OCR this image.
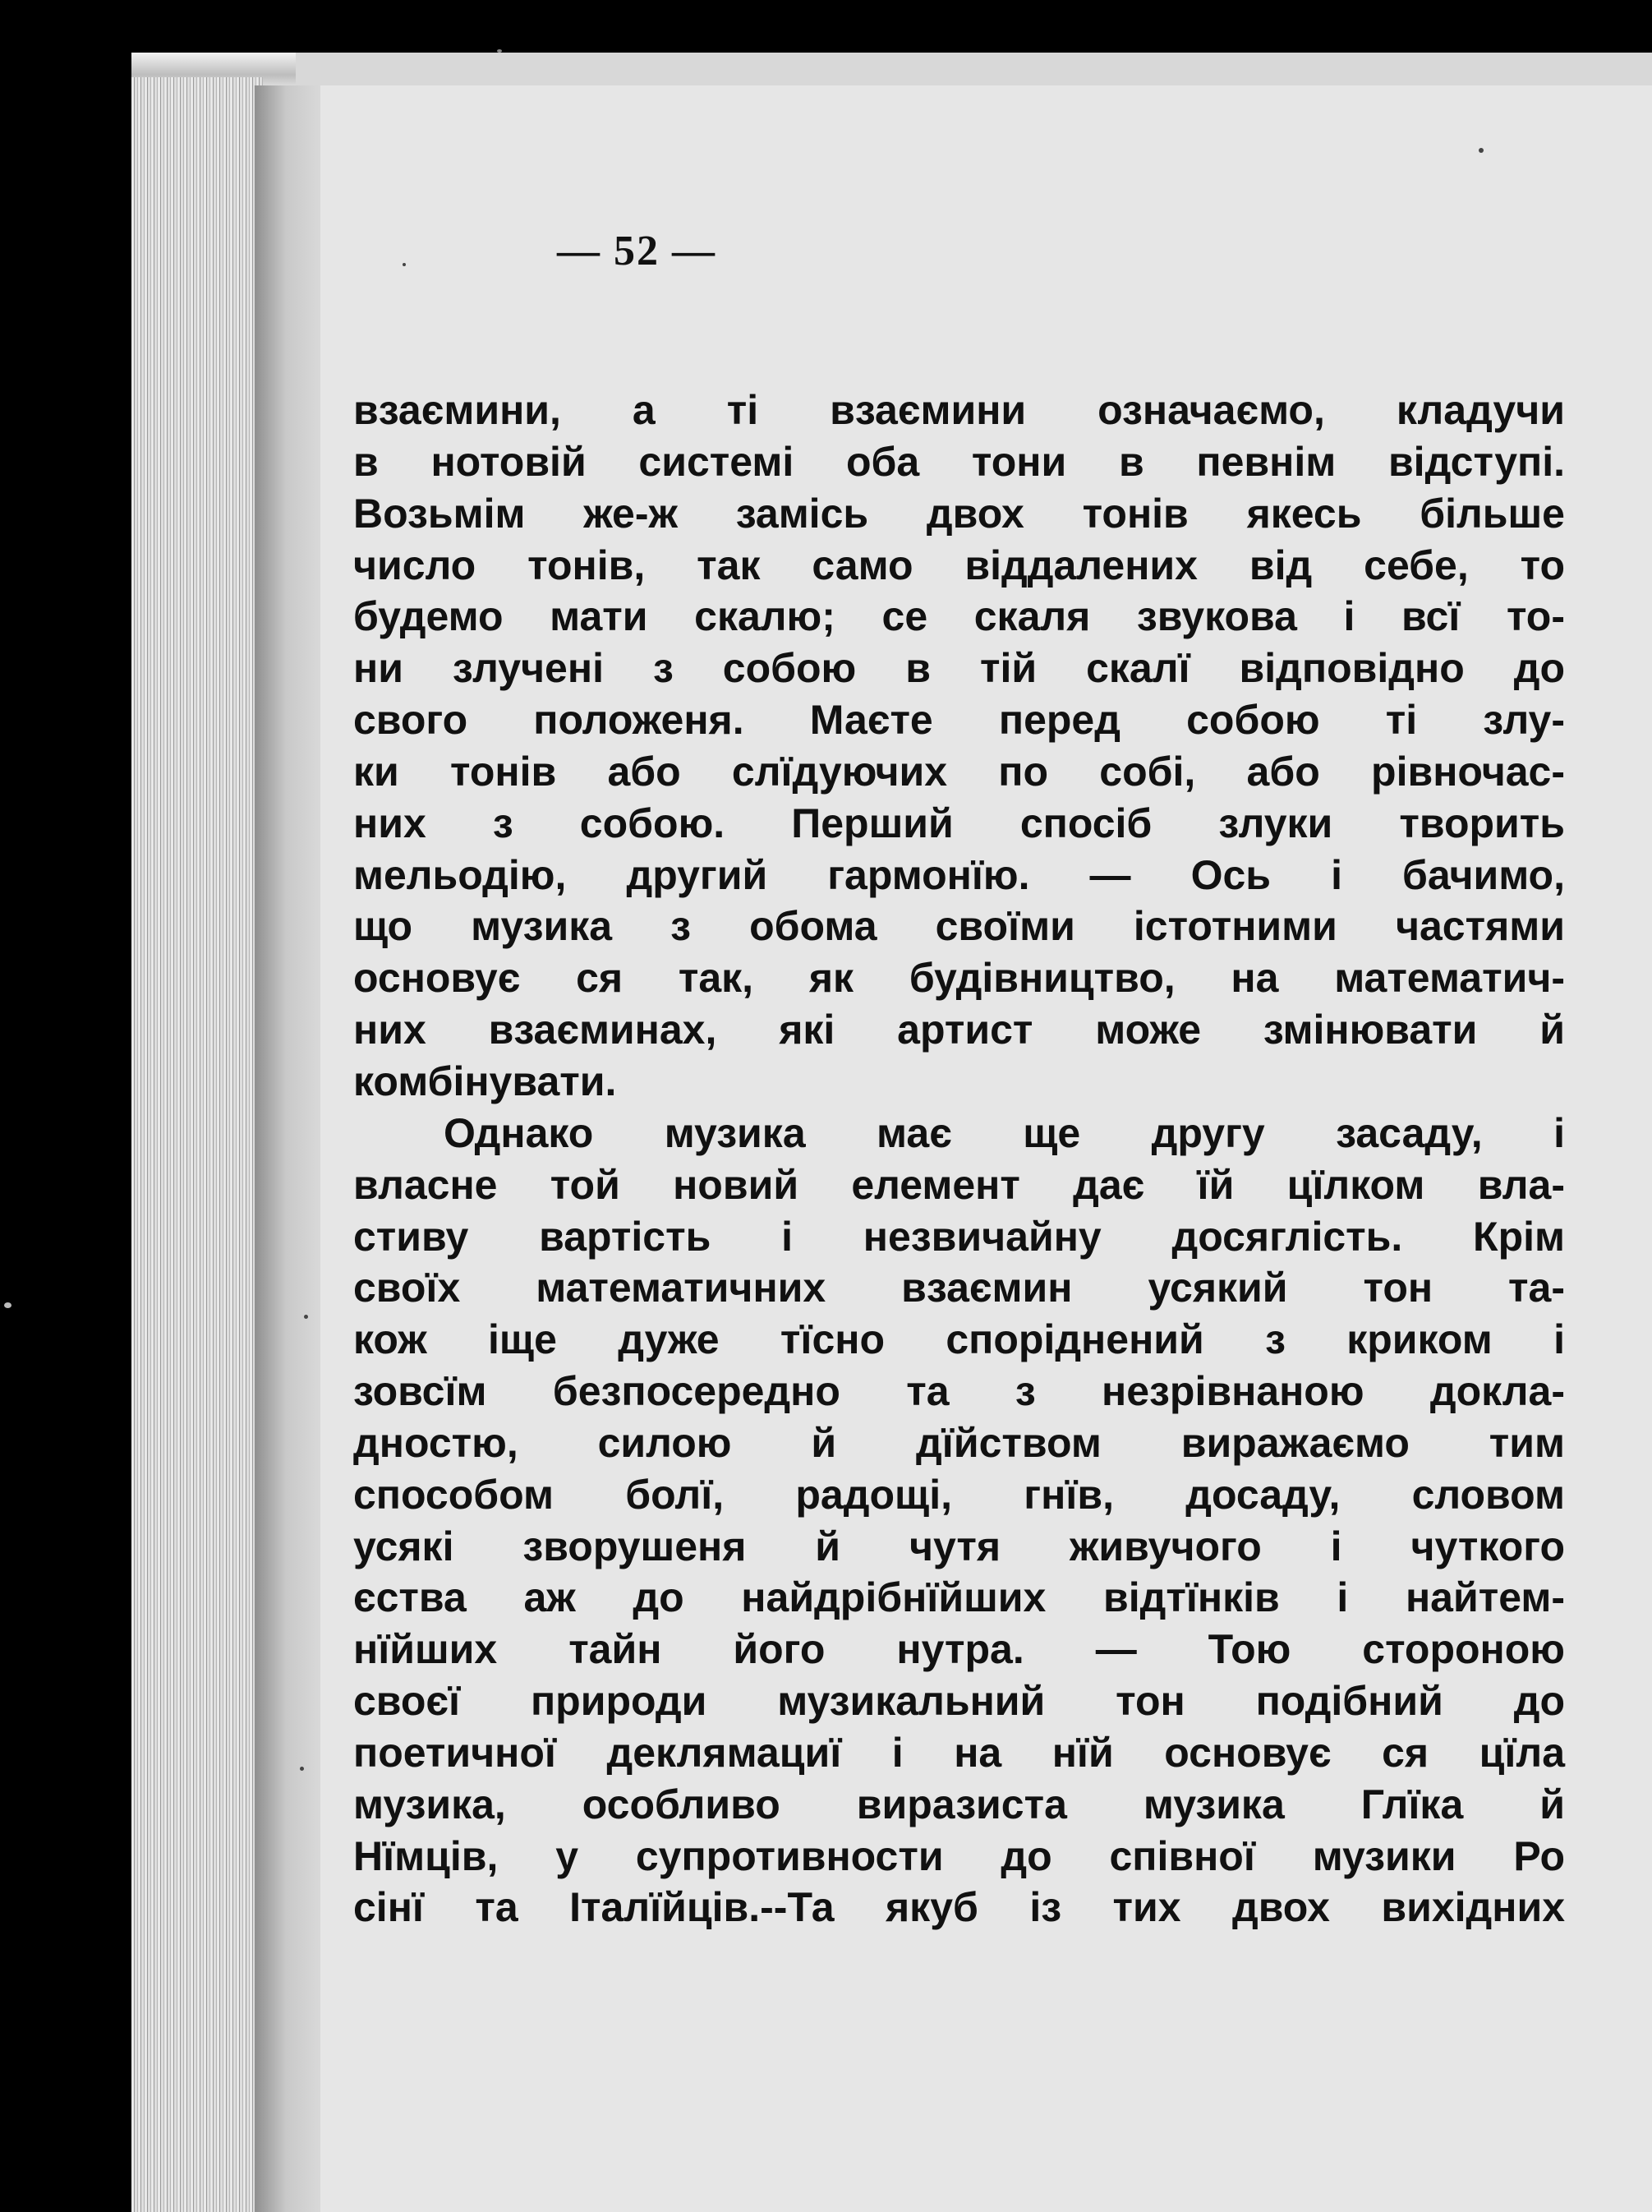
— 52 —
взаємини, а ті взаємини означаємо, кладучи
в нотовій системі оба тони в певнім відступі.
Возьмім же-ж замісь двох тонів якесь більше
число тонів, так само віддалених від себе, то
будемо мати скалю; се скаля звукова і всї то-
ни злучені з собою в тій скалї відповідно до
свого положеня. Маєте перед собою ті злу-
ки тонів або слїдуючих по собі, або рівночас-
них з собою. Перший спосіб злуки творить
мельодію, другий гармонїю. — Ось і бачимо,
що музика з обома своїми істотними частями
основує ся так, як будівництво, на математич-
них взаєминах, які артист може змінювати й
комбінувати.
Однако музика має ще другу засаду, і
власне той новий елемент дає їй цїлком вла-
стиву вартість і незвичайну досяглість. Крім
своїх математичних взаємин усякий тон та-
кож іще дуже тїсно споріднений з криком і
зовсїм безпосередно та з незрівнаною докла-
дностю, силою й дїйством виражаємо тим
способом болї, радощі, гнїв, досаду, словом
усякі зворушеня й чутя живучого і чуткого
єства аж до найдрібнїйших відтїнків і найтем-
нїйших тайн його нутра. — Тою стороною
своєї природи музикальний тон подібний до
поетичної деклямациї і на нїй основує ся цїла
музика, особливо виразиста музика Глїка й
Нїмців, у супротивности до співної музики Ро
сінї та Італїйців.--Та якуб із тих двох вихідних
